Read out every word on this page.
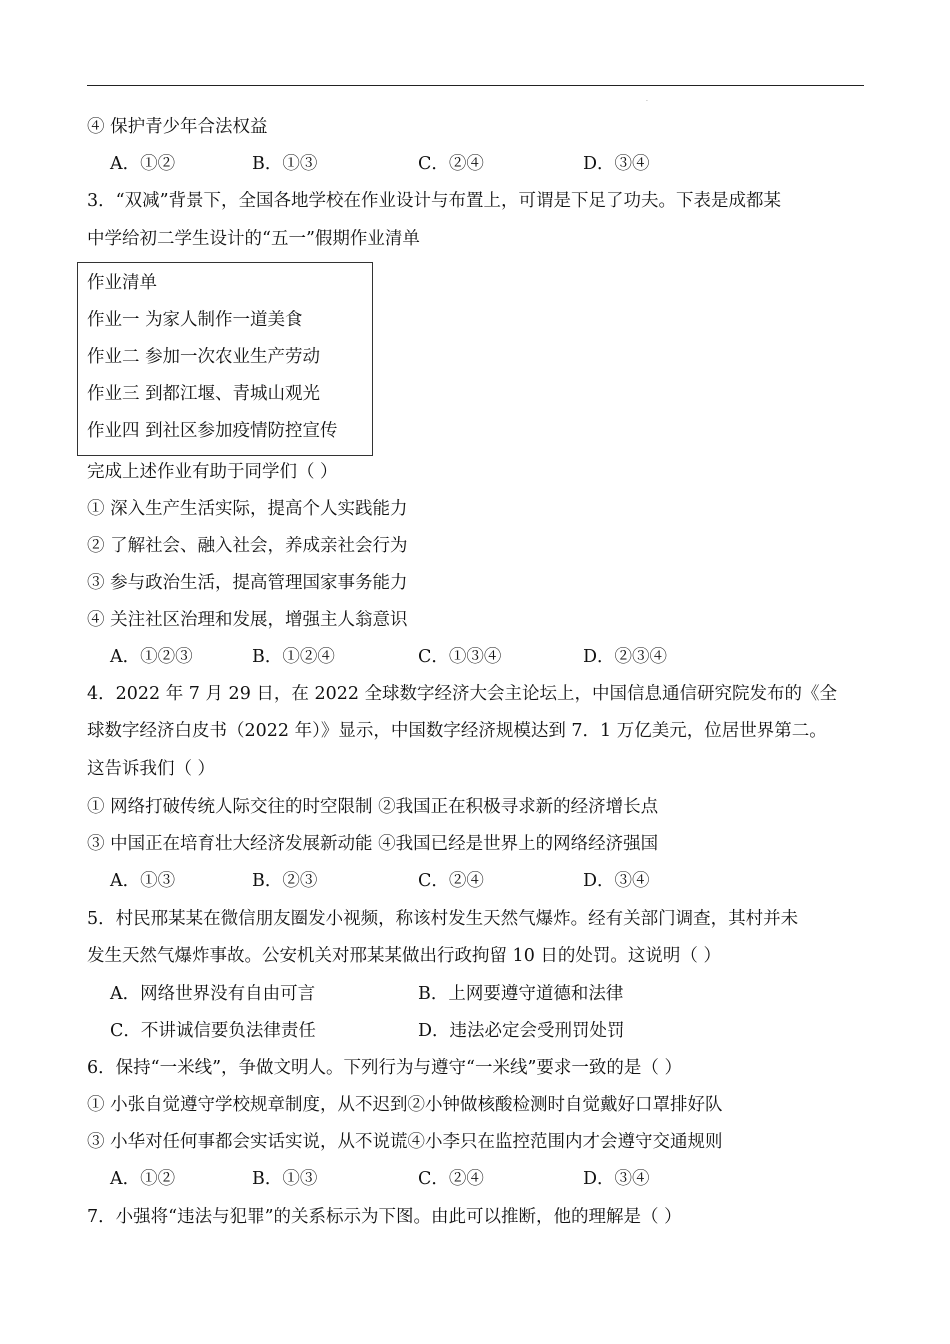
.
④ 保护青少年合法权益
A．①②	B．①③	C．②④	D．③④
3．“双减”背景下，全国各地学校在作业设计与布置上，可谓是下足了功夫。下表是成都某
中学给初二学生设计的“五一”假期作业清单
作业清单
作业一 为家人制作一道美食
作业二 参加一次农业生产劳动
作业三 到都江堰、青城山观光
作业四 到社区参加疫情防控宣传
完成上述作业有助于同学们（ ）
① 深入生产生活实际，提高个人实践能力
② 了解社会、融入社会，养成亲社会行为
③ 参与政治生活，提高管理国家事务能力
④ 关注社区治理和发展，增强主人翁意识
A．①②③	B．①②④	C．①③④	D．②③④
4．2022 年 7 月 29 日，在 2022 全球数字经济大会主论坛上，中国信息通信研究院发布的《全
球数字经济白皮书（2022 年）》显示，中国数字经济规模达到 7．1 万亿美元，位居世界第二。
这告诉我们（ ）
① 网络打破传统人际交往的时空限制 ②我国正在积极寻求新的经济增长点
③ 中国正在培育壮大经济发展新动能 ④我国已经是世界上的网络经济强国
A．①③	B．②③	C．②④	D．③④
5．村民邢某某在微信朋友圈发小视频，称该村发生天然气爆炸。经有关部门调查，其村并未
发生天然气爆炸事故。公安机关对邢某某做出行政拘留 10 日的处罚。这说明（ ）
A．网络世界没有自由可言	B．上网要遵守道德和法律
C．不讲诚信要负法律责任	D．违法必定会受刑罚处罚
6．保持“一米线”，争做文明人。下列行为与遵守“一米线”要求一致的是（ ）
① 小张自觉遵守学校规章制度，从不迟到②小钟做核酸检测时自觉戴好口罩排好队
③ 小华对任何事都会实话实说，从不说谎④小李只在监控范围内才会遵守交通规则
A．①②	B．①③	C．②④	D．③④
7．小强将“违法与犯罪”的关系标示为下图。由此可以推断，他的理解是（ ）
